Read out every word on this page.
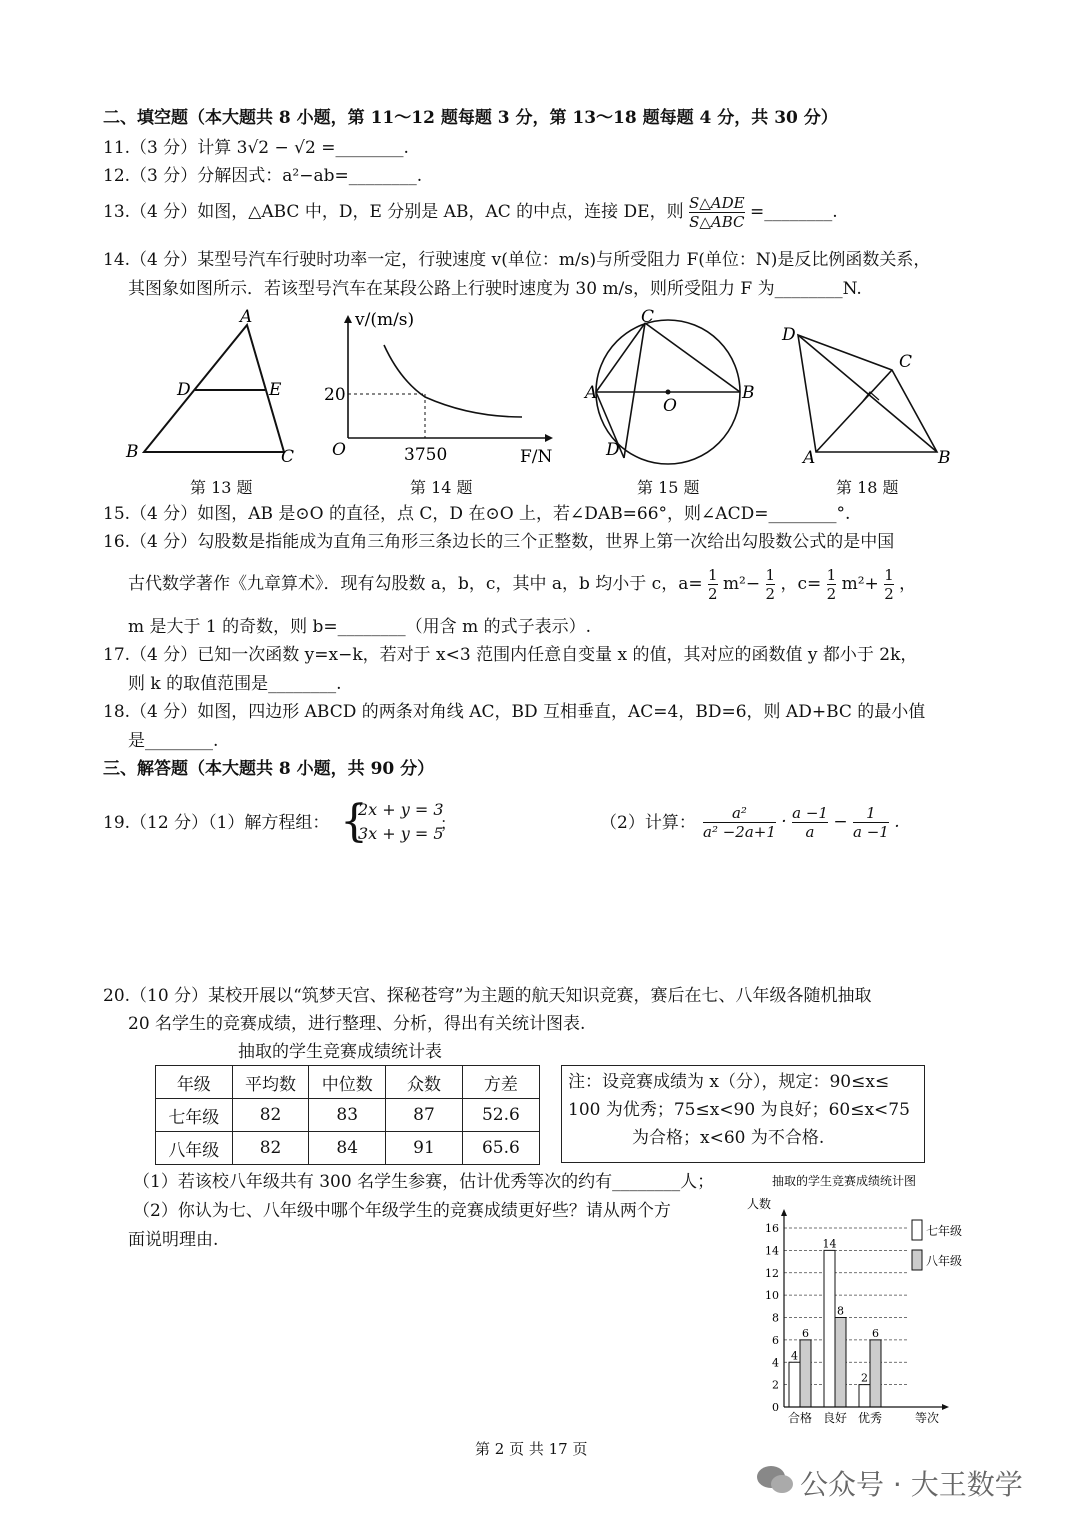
二、填空题（本大题共 8 小题，第 11～12 题每题 3 分，第 13～18 题每题 4 分，共 30 分）
11.（3 分）计算 3√2 − √2 =________.
12.（3 分）分解因式：a²−ab=________.
13.（4 分）如图，△ABC 中，D，E 分别是 AB，AC 的中点，连接 DE，则 $\frac{\text{S△ADE}}{\text{S△ABC}}$ =________.
14.（4 分）某型号汽车行驶时功率一定，行驶速度 v(单位：m/s)与所受阻力 F(单位：N)是反比例函数关系，
其图象如图所示．若该型号汽车在某段公路上行驶时速度为 30 m/s，则所受阻力 F 为________N.
A
B	C
D	E
第 13 题
v/(m/s)
20
O	3750	F/N
第 14 题
C
A	B
O
D
第 15 题
D
C
A	B
第 18 题
15.（4 分）如图，AB 是⊙O 的直径，点 C，D 在⊙O 上，若∠DAB=66°，则∠ACD=________°.
16.（4 分）勾股数是指能成为直角三角形三条边长的三个正整数，世界上第一次给出勾股数公式的是中国
古代数学著作《九章算术》．现有勾股数 a，b，c，其中 a，b 均小于 c，$a= \frac{1}{2} m^2- \frac{1}{2}$ ，$c= \frac{1}{2} m^2+ \frac{1}{2}$ ，
m 是大于 1 的奇数，则 b=________（用含 m 的式子表示）.
17.（4 分）已知一次函数 y=x−k，若对于 x<3 范围内任意自变量 x 的值，其对应的函数值 y 都小于 2k，
则 k 的取值范围是________.
18.（4 分）如图，四边形 ABCD 的两条对角线 AC，BD 互相垂直，AC=4，BD=6，则 AD+BC 的最小值
是________.
三、解答题（本大题共 8 小题，共 90 分）
19.（12 分）（1）解方程组： {
2x + y = 3
3x + y = 5
；	（2）计算： $\frac{\text{a²}}{\text{a² −2a+1}} \cdot \frac{a -1}{a} - \frac{1}{a -1}$ .
20.（10 分）某校开展以“筑梦天宫、探秘苍穹”为主题的航天知识竞赛，赛后在七、八年级各随机抽取
20 名学生的竞赛成绩，进行整理、分析，得出有关统计图表.
抽取的学生竞赛成绩统计表
年级	平均数	中位数	众数	方差
七年级	82	83	87	52.6
八年级	82	84	91	65.6
注：设竞赛成绩为 x（分），规定：90≤x≤
100 为优秀；75≤x<90 为良好；60≤x<75
为合格；x<60 为不合格.
（1）若该校八年级共有 300 名学生参赛，估计优秀等次的约有________人；
（2）你认为七、八年级中哪个年级学生的竞赛成绩更好些？请从两个方
面说明理由.
抽取的学生竞赛成绩统计图
人数
等次
0
2
4
6
8
10
12
14
16
4
6
合格
14
8
良好
2
6
优秀
七年级
八年级
第 2 页 共 17 页
公众号 · 大王数学
